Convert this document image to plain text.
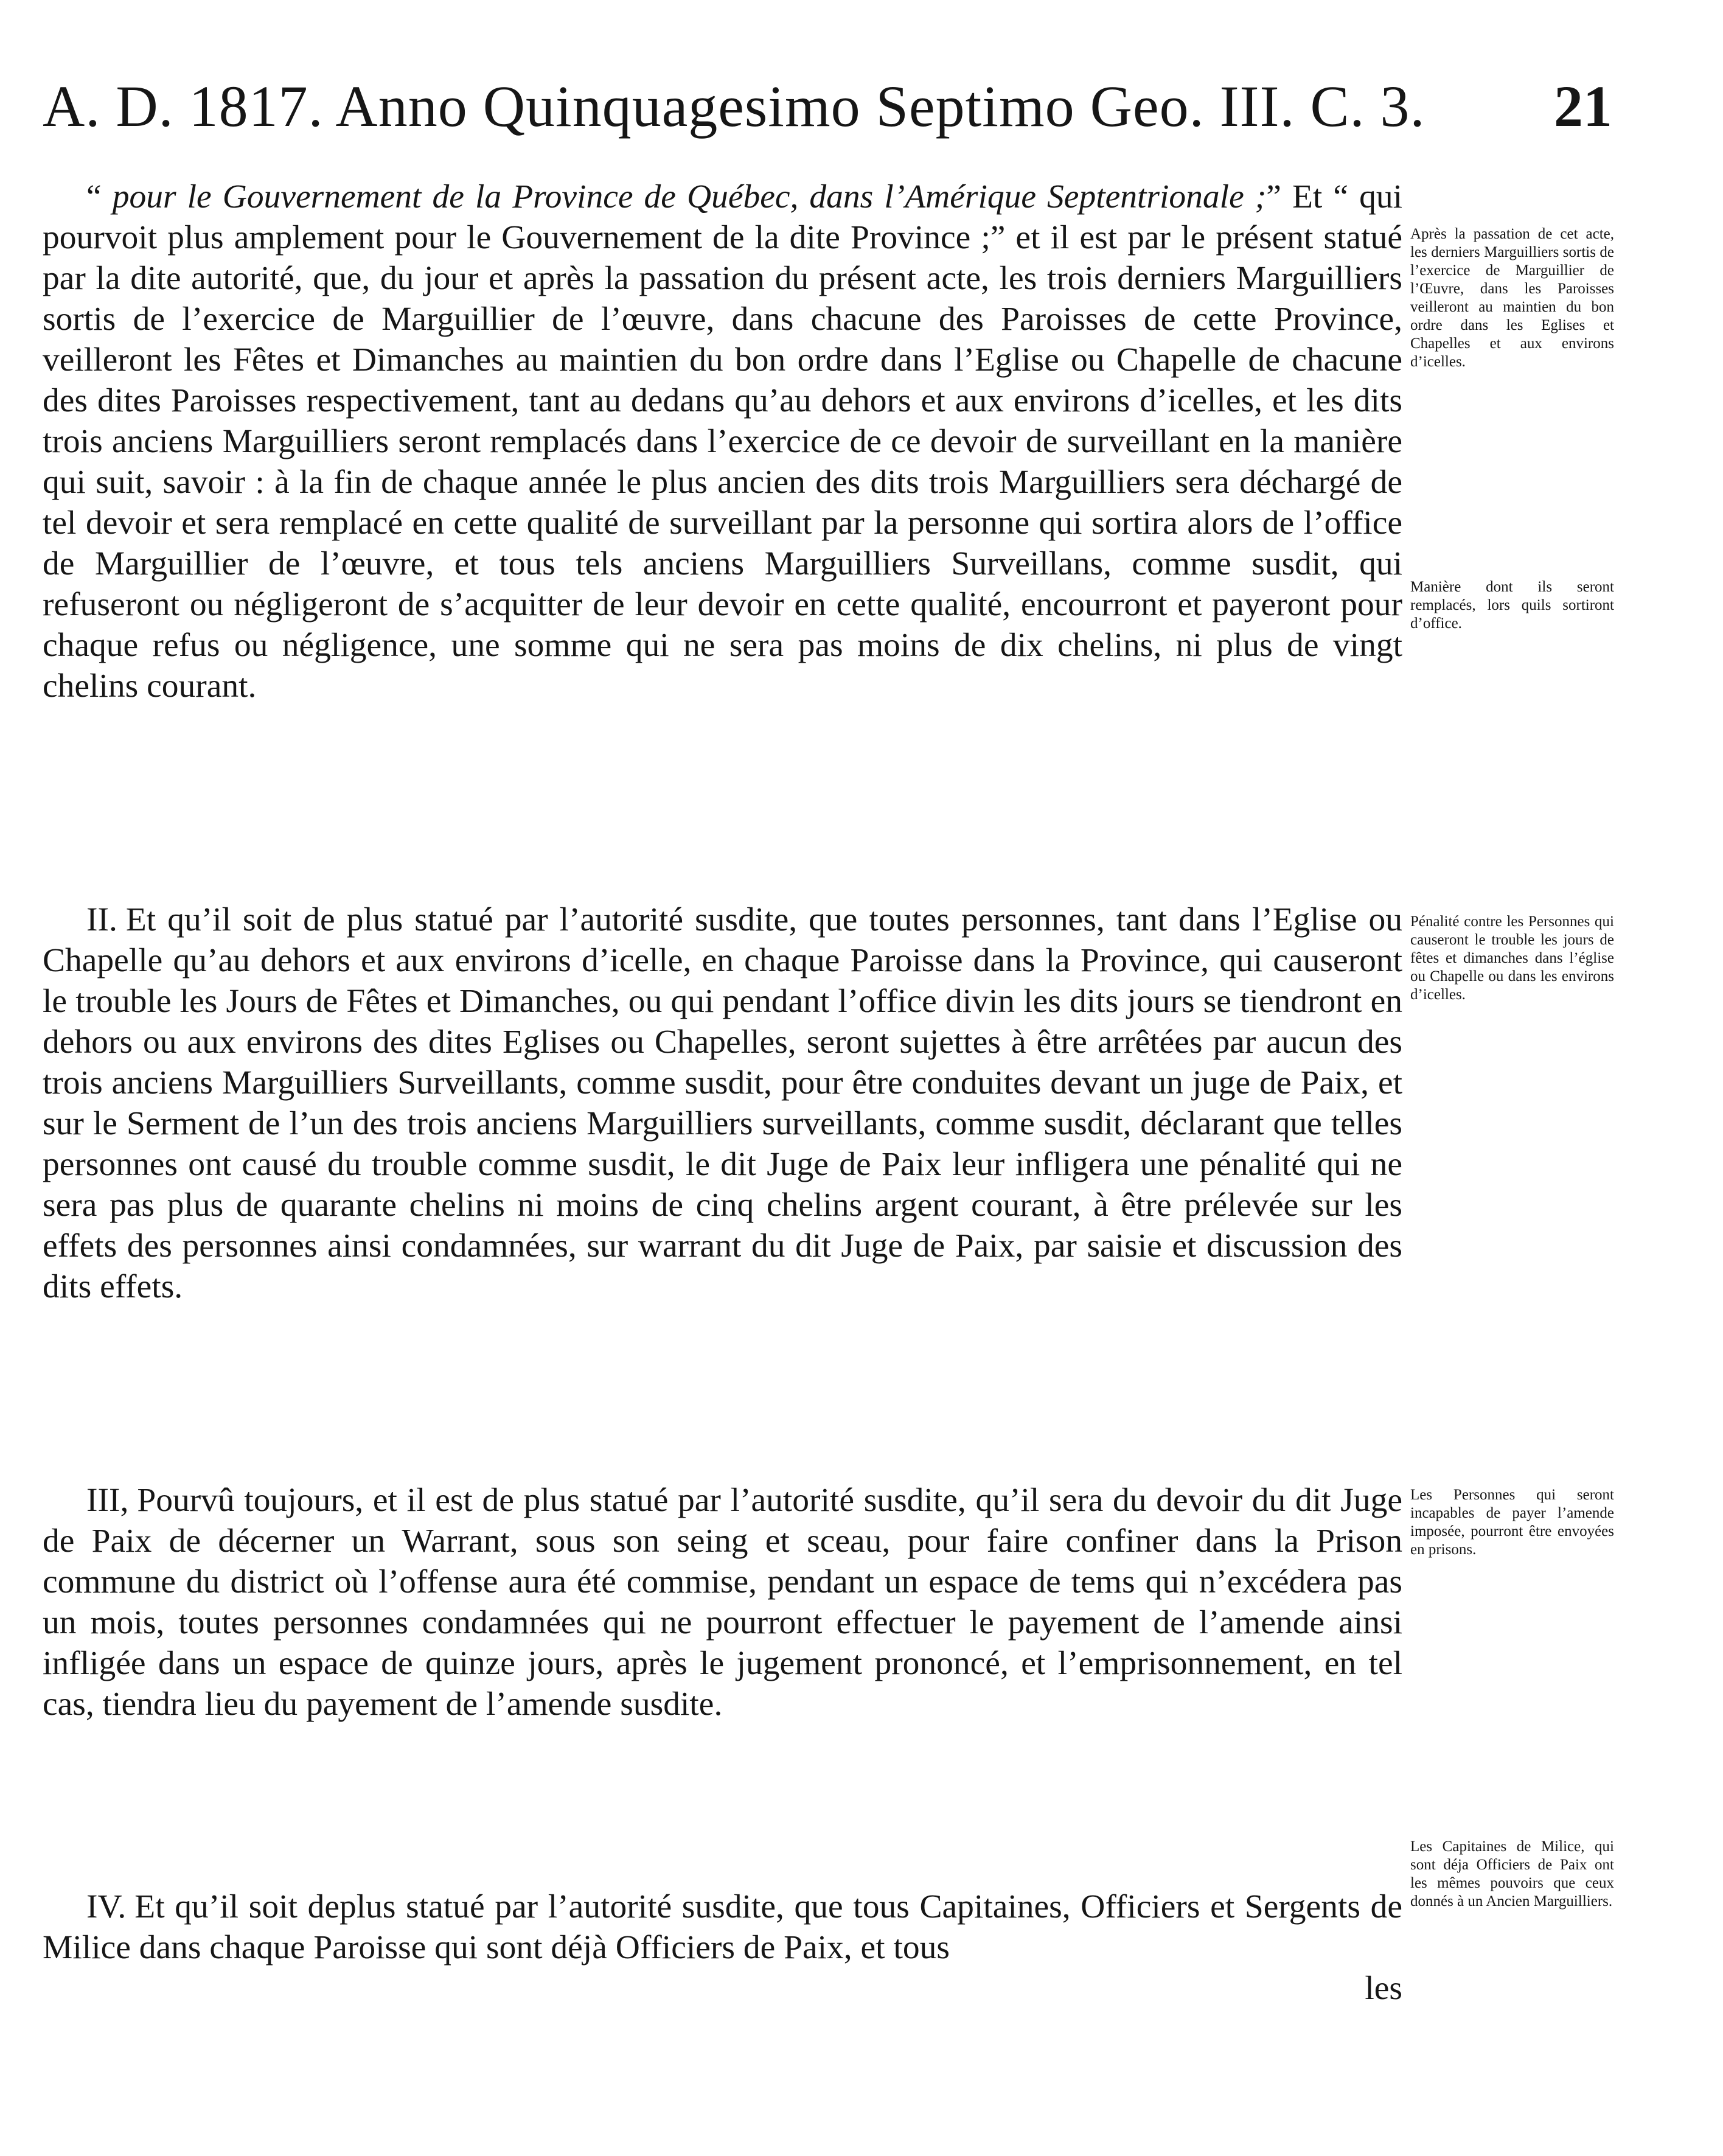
A. D. 1817. Anno Quinquagesimo Septimo Geo. III. C. 3. 21

“ pour le Gouvernement de la Province de Québec, dans l’Amérique Septentrionale ;” Et “ qui pourvoit plus amplement pour le Gouvernement de la dite Province ;” et il est par le présent statué par la dite autorité, que, du jour et après la passation du présent acte, les trois derniers Marguilliers sortis de l’exercice de Marguillier de l’œuvre, dans chacune des Paroisses de cette Province, veilleront les Fêtes et Dimanches au maintien du bon ordre dans l’Eglise ou Chapelle de chacune des dites Paroisses respectivement, tant au dedans qu’au dehors et aux environs d’icelles, et les dits trois anciens Marguilliers seront remplacés dans l’exercice de ce devoir de surveillant en la manière qui suit, savoir : à la fin de chaque année le plus ancien des dits trois Marguilliers sera déchargé de tel devoir et sera remplacé en cette qualité de surveillant par la personne qui sortira alors de l’office de Marguillier de l’œuvre, et tous tels anciens Marguilliers Surveillans, comme susdit, qui refuseront ou négligeront de s’acquitter de leur devoir en cette qualité, encourront et payeront pour chaque refus ou négligence, une somme qui ne sera pas moins de dix chelins, ni plus de vingt chelins courant.

II. Et qu’il soit de plus statué par l’autorité susdite, que toutes personnes, tant dans l’Eglise ou Chapelle qu’au dehors et aux environs d’icelle, en chaque Paroisse dans la Province, qui causeront le trouble les Jours de Fêtes et Dimanches, ou qui pendant l’office divin les dits jours se tiendront en dehors ou aux environs des dites Eglises ou Chapelles, seront sujettes à être arrêtées par aucun des trois anciens Marguilliers Surveillants, comme susdit, pour être conduites devant un juge de Paix, et sur le Serment de l’un des trois anciens Marguilliers surveillants, comme susdit, déclarant que telles personnes ont causé du trouble comme susdit, le dit Juge de Paix leur infligera une pénalité qui ne sera pas plus de quarante chelins ni moins de cinq chelins argent courant, à être prélevée sur les effets des personnes ainsi condamnées, sur warrant du dit Juge de Paix, par saisie et discussion des dits effets.

III, Pourvû toujours, et il est de plus statué par l’autorité susdite, qu’il sera du devoir du dit Juge de Paix de décerner un Warrant, sous son seing et sceau, pour faire confiner dans la Prison commune du district où l’offense aura été commise, pendant un espace de tems qui n’excédera pas un mois, toutes personnes condamnées qui ne pourront effectuer le payement de l’amende ainsi infligée dans un espace de quinze jours, après le jugement prononcé, et l’emprisonnement, en tel cas, tiendra lieu du payement de l’amende susdite.

IV. Et qu’il soit deplus statué par l’autorité susdite, que tous Capitaines, Officiers et Sergents de Milice dans chaque Paroisse qui sont déjà Officiers de Paix, et tous
les

Après la passation de cet acte, les derniers Marguilliers sortis de l’exercice de Marguillier de l’Œuvre, dans les Paroisses veilleront au maintien du bon ordre dans les Eglises et Chapelles et aux environs d’icelles.

Manière dont ils seront remplacés, lors quils sortiront d’office.

Pénalité contre les Personnes qui causeront le trouble les jours de fêtes et dimanches dans l’église ou Chapelle ou dans les environs d’icelles.

Les Personnes qui seront incapables de payer l’amende imposée, pourront être envoyées en prisons.

Les Capitaines de Milice, qui sont déja Officiers de Paix ont les mêmes pouvoirs que ceux donnés à un Ancien Marguilliers.
